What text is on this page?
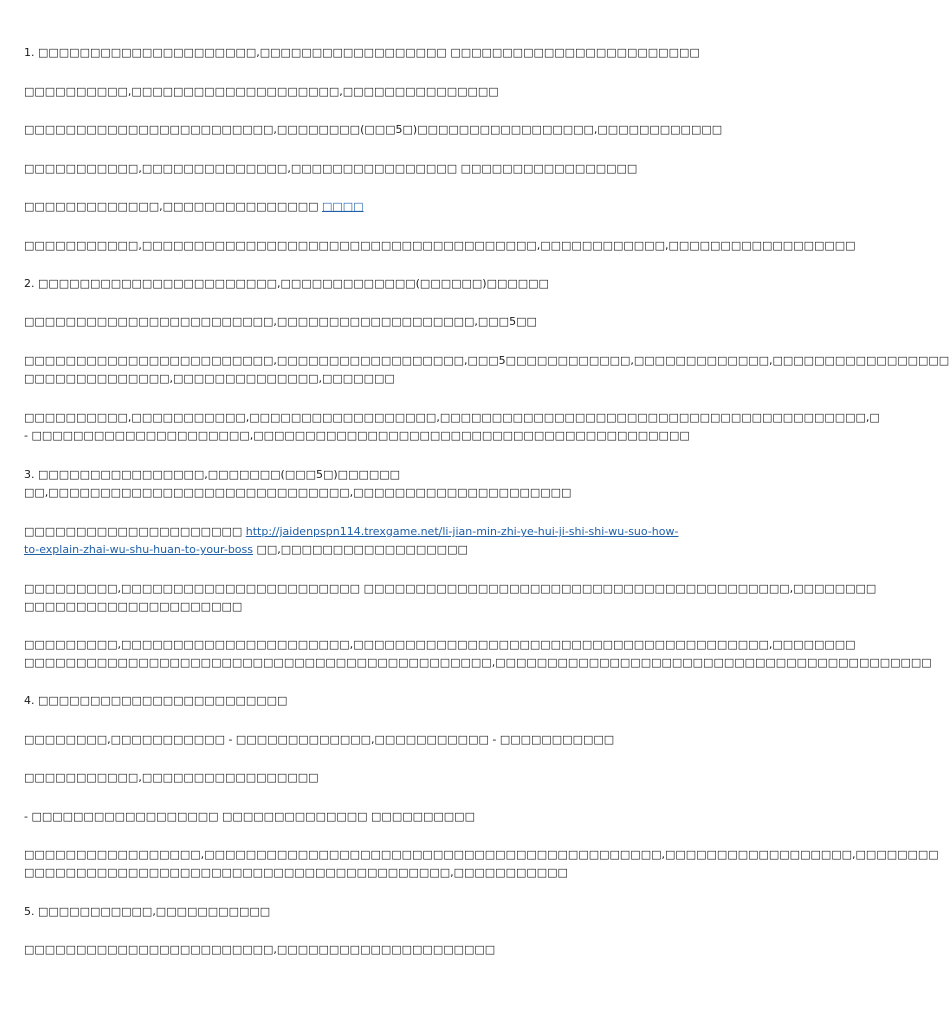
1. □□□□□□□□□□□□□□□□□□□□□,□□□□□□□□□□□□□□□□□□ □□□□□□□□□□□□□□□□□□□□□□□□
□□□□□□□□□□,□□□□□□□□□□□□□□□□□□□□,□□□□□□□□□□□□□□□
□□□□□□□□□□□□□□□□□□□□□□□□,□□□□□□□□(□□□5□)□□□□□□□□□□□□□□□□□,□□□□□□□□□□□□
□□□□□□□□□□□,□□□□□□□□□□□□□□,□□□□□□□□□□□□□□□□ □□□□□□□□□□□□□□□□□
□□□□□□□□□□□□□,□□□□□□□□□□□□□□□ □□□□
□□□□□□□□□□□,□□□□□□□□□□□□□□□□□□□□□□□□□□□□□□□□□□□□□□,□□□□□□□□□□□□,□□□□□□□□□□□□□□□□□□
2. □□□□□□□□□□□□□□□□□□□□□□□,□□□□□□□□□□□□□(□□□□□□)□□□□□□
□□□□□□□□□□□□□□□□□□□□□□□□,□□□□□□□□□□□□□□□□□□□,□□□5□□
□□□□□□□□□□□□□□□□□□□□□□□□,□□□□□□□□□□□□□□□□□□,□□□5□□□□□□□□□□□□,□□□□□□□□□□□□□,□□□□□□□□□□□□□□□□□
□□□□□□□□□□□□□□,□□□□□□□□□□□□□□,□□□□□□□
□□□□□□□□□□,□□□□□□□□□□□,□□□□□□□□□□□□□□□□□□,□□□□□□□□□□□□□□□□□□□□□□□□□□□□□□□□□□□□□□□□□,□
- □□□□□□□□□□□□□□□□□□□□□,□□□□□□□□□□□□□□□□□□□□□□□□□□□□□□□□□□□□□□□□□□
3. □□□□□□□□□□□□□□□□,□□□□□□□(□□□5□)□□□□□□
□□,□□□□□□□□□□□□□□□□□□□□□□□□□□□□□,□□□□□□□□□□□□□□□□□□□□□
□□□□□□□□□□□□□□□□□□□□□ http://jaidenpspn114.trexgame.net/li-jian-min-zhi-ye-hui-ji-shi-shi-wu-suo-how-
to-explain-zhai-wu-shu-huan-to-your-boss □□,□□□□□□□□□□□□□□□□□□
□□□□□□□□□,□□□□□□□□□□□□□□□□□□□□□□□ □□□□□□□□□□□□□□□□□□□□□□□□□□□□□□□□□□□□□□□□□,□□□□□□□□
□□□□□□□□□□□□□□□□□□□□□
□□□□□□□□□,□□□□□□□□□□□□□□□□□□□□□□,□□□□□□□□□□□□□□□□□□□□□□□□□□□□□□□□□□□□□□□□,□□□□□□□□
□□□□□□□□□□□□□□□□□□□□□□□□□□□□□□□□□□□□□□□□□□□□□,□□□□□□□□□□□□□□□□□□□□□□□□□□□□□□□□□□□□□□□□□□
4. □□□□□□□□□□□□□□□□□□□□□□□□
□□□□□□□□,□□□□□□□□□□□ - □□□□□□□□□□□□□,□□□□□□□□□□□ - □□□□□□□□□□□
□□□□□□□□□□□,□□□□□□□□□□□□□□□□□
- □□□□□□□□□□□□□□□□□□ □□□□□□□□□□□□□□ □□□□□□□□□□
□□□□□□□□□□□□□□□□□,□□□□□□□□□□□□□□□□□□□□□□□□□□□□□□□□□□□□□□□□□□□□,□□□□□□□□□□□□□□□□□□,□□□□□□□□
□□□□□□□□□□□□□□□□□□□□□□□□□□□□□□□□□□□□□□□□□,□□□□□□□□□□□
5. □□□□□□□□□□□,□□□□□□□□□□□
□□□□□□□□□□□□□□□□□□□□□□□□,□□□□□□□□□□□□□□□□□□□□□
